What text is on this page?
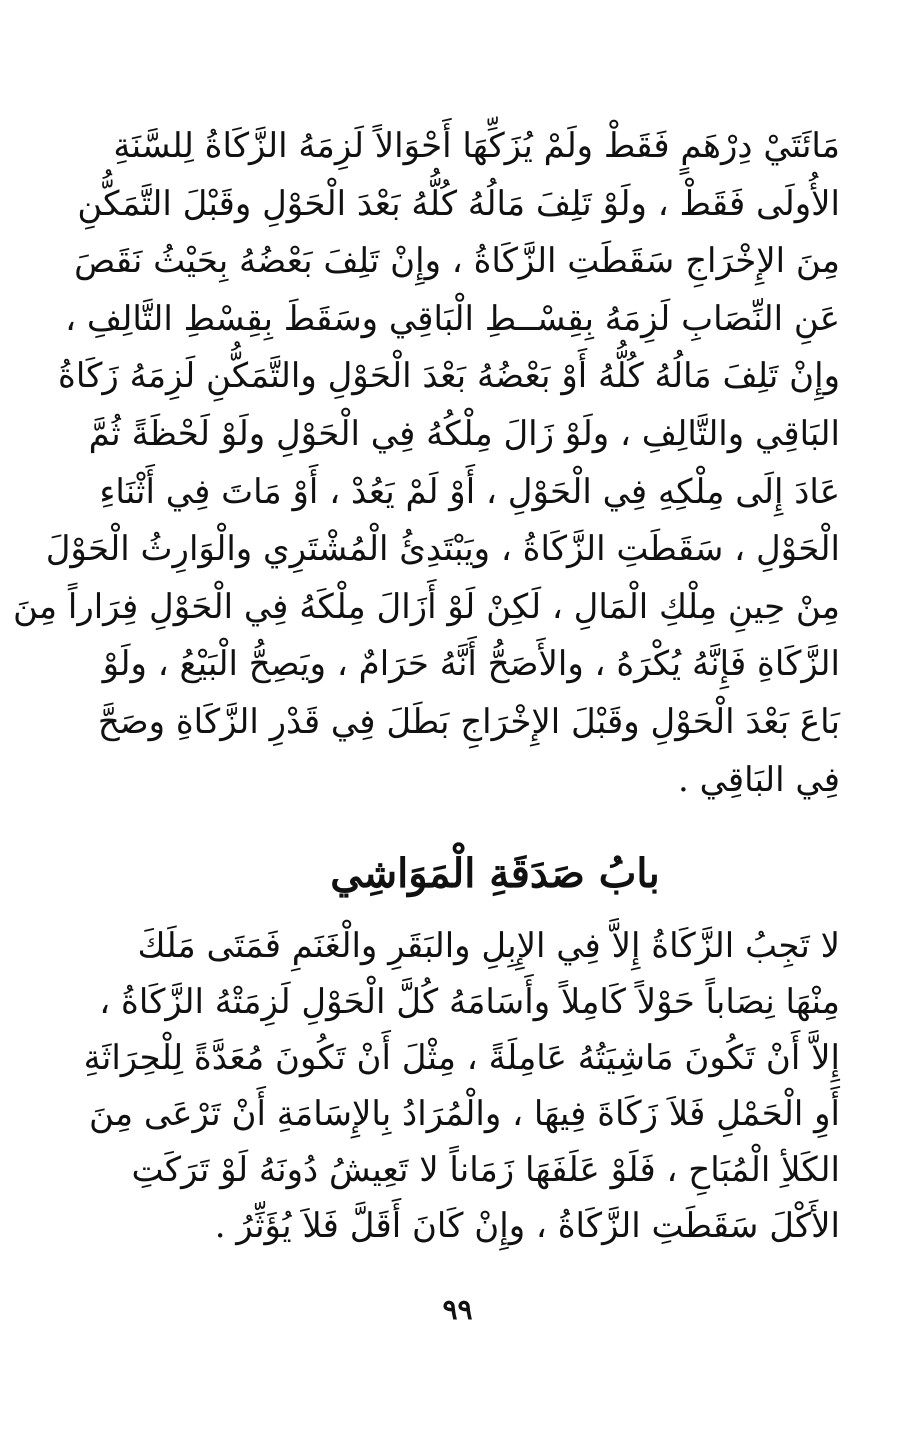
مَائَتَيْ دِرْهَمٍ فَقَطْ ولَمْ يُزَكِّهَا أَحْوَالاً لَزِمَهُ الزَّكَاةُ لِلسَّنَةِ
الأُولَى فَقَطْ ، ولَوْ تَلِفَ مَالُهُ كُلُّهُ بَعْدَ الْحَوْلِ وقَبْلَ التَّمَكُّنِ
مِنَ الإِخْرَاجِ سَقَطَتِ الزَّكَاةُ ، وإِنْ تَلِفَ بَعْضُهُ بِحَيْثُ نَقَصَ
عَنِ النِّصَابِ لَزِمَهُ بِقِسْــطِ الْبَاقِي وسَقَطَ بِقِسْطِ التَّالِفِ ،
وإِنْ تَلِفَ مَالُهُ كُلُّهُ أَوْ بَعْضُهُ بَعْدَ الْحَوْلِ والتَّمَكُّنِ لَزِمَهُ زَكَاةُ
البَاقِي والتَّالِفِ ، ولَوْ زَالَ مِلْكُهُ فِي الْحَوْلِ ولَوْ لَحْظَةً ثُمَّ
عَادَ إِلَى مِلْكِهِ فِي الْحَوْلِ ، أَوْ لَمْ يَعُدْ ، أَوْ مَاتَ فِي أَثْنَاءِ
الْحَوْلِ ، سَقَطَتِ الزَّكَاةُ ، ويَبْتَدِئُ الْمُشْتَرِي والْوَارِثُ الْحَوْلَ
مِنْ حِينِ مِلْكِ الْمَالِ ، لَكِنْ لَوْ أَزَالَ مِلْكَهُ فِي الْحَوْلِ فِرَاراً مِنَ
الزَّكَاةِ فَإِنَّهُ يُكْرَهُ ، والأَصَحُّ أَنَّهُ حَرَامٌ ، ويَصِحُّ الْبَيْعُ ، ولَوْ
بَاعَ بَعْدَ الْحَوْلِ وقَبْلَ الإِخْرَاجِ بَطَلَ فِي قَدْرِ الزَّكَاةِ وصَحَّ
فِي البَاقِي .
بابُ صَدَقَةِ الْمَوَاشِي
لا تَجِبُ الزَّكَاةُ إِلاَّ فِي الإِبِلِ والبَقَرِ والْغَنَمِ فَمَتَى مَلَكَ
مِنْهَا نِصَاباً حَوْلاً كَامِلاً وأَسَامَهُ كُلَّ الْحَوْلِ لَزِمَتْهُ الزَّكَاةُ ،
إِلاَّ أَنْ تَكُونَ مَاشِيَتُهُ عَامِلَةً ، مِثْلَ أَنْ تَكُونَ مُعَدَّةً لِلْحِرَاثَةِ
أَوِ الْحَمْلِ فَلاَ زَكَاةَ فِيهَا ، والْمُرَادُ بِالإِسَامَةِ أَنْ تَرْعَى مِنَ
الكَلأِ الْمُبَاحِ ، فَلَوْ عَلَفَهَا زَمَاناً لا تَعِيشُ دُونَهُ لَوْ تَرَكَتِ
الأَكْلَ سَقَطَتِ الزَّكَاةُ ، وإِنْ كَانَ أَقَلَّ فَلاَ يُؤَثِّرُ .
٩٩
